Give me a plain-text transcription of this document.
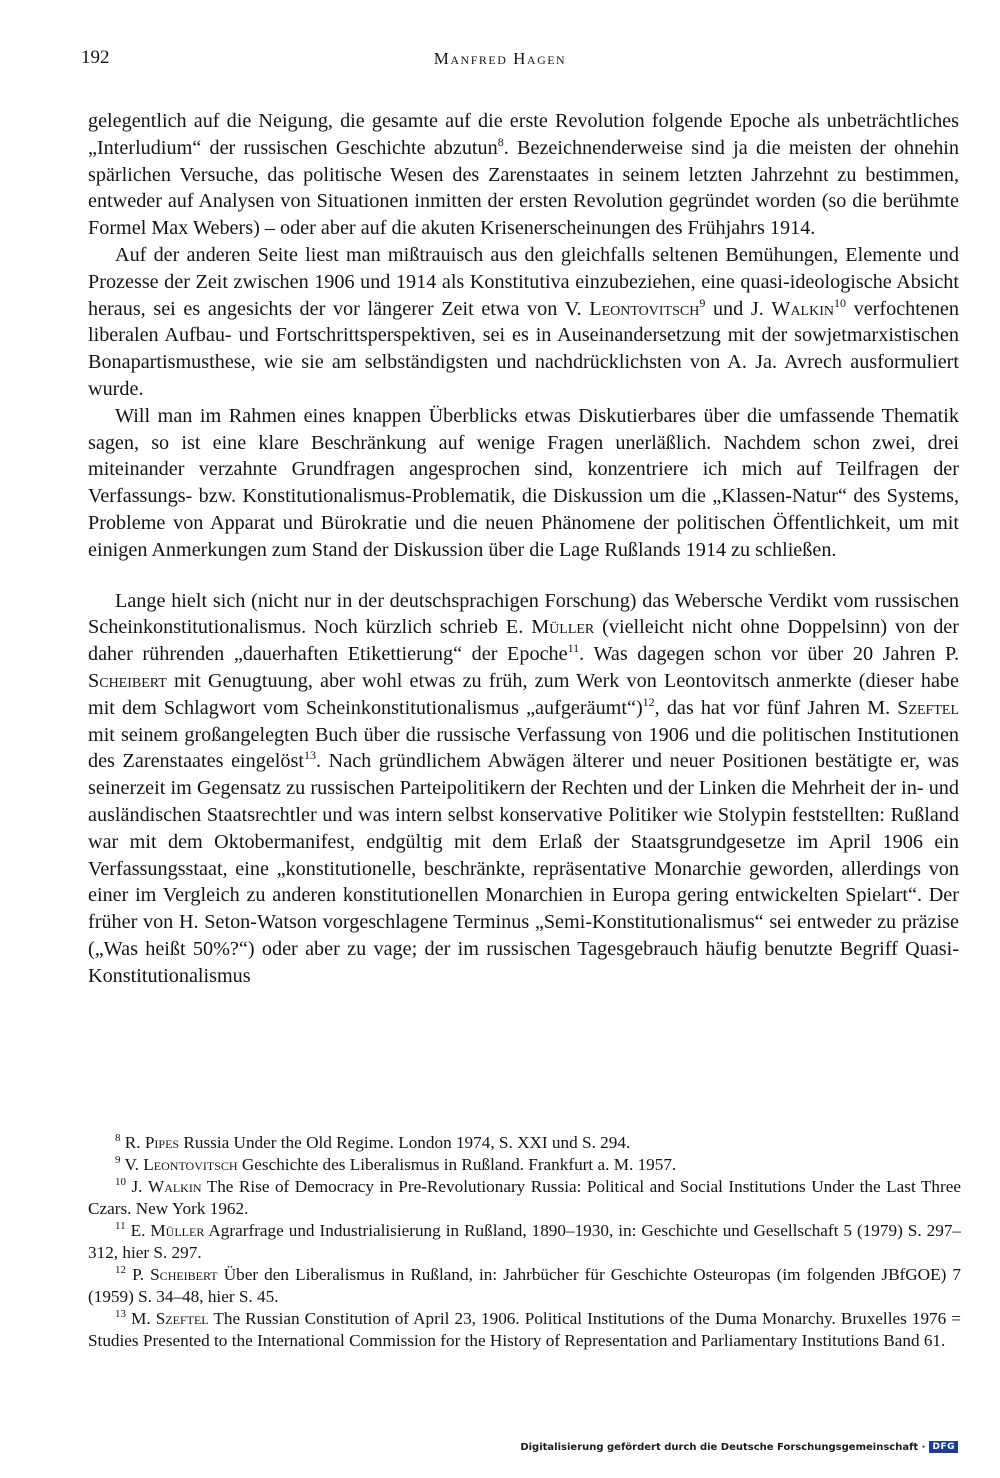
192	Manfred Hagen

gelegentlich auf die Neigung, die gesamte auf die erste Revolution folgende Epoche als unbeträchtliches „Interludium“ der russischen Geschichte abzutun$^8$. Bezeichnenderweise sind ja die meisten der ohnehin spärlichen Versuche, das politische Wesen des Zarenstaates in seinem letzten Jahrzehnt zu bestimmen, entweder auf Analysen von Situationen inmitten der ersten Revolution gegründet worden (so die berühmte Formel Max Webers) – oder aber auf die akuten Krisenerscheinungen des Frühjahrs 1914.

Auf der anderen Seite liest man mißtrauisch aus den gleichfalls seltenen Bemühungen, Elemente und Prozesse der Zeit zwischen 1906 und 1914 als Konstitutiva einzubeziehen, eine quasi-ideologische Absicht heraus, sei es angesichts der vor längerer Zeit etwa von V. Leontovitsch$^9$ und J. Walkin$^{10}$ verfochtenen liberalen Aufbau- und Fortschrittsperspektiven, sei es in Auseinandersetzung mit der sowjetmarxistischen Bonapartismusthese, wie sie am selbständigsten und nachdrücklichsten von A. Ja. Avrech ausformuliert wurde.

Will man im Rahmen eines knappen Überblicks etwas Diskutierbares über die umfassende Thematik sagen, so ist eine klare Beschränkung auf wenige Fragen unerläßlich. Nachdem schon zwei, drei miteinander verzahnte Grundfragen angesprochen sind, konzentriere ich mich auf Teilfragen der Verfassungs- bzw. Konstitutionalismus-Problematik, die Diskussion um die „Klassen-Natur“ des Systems, Probleme von Apparat und Bürokratie und die neuen Phänomene der politischen Öffentlichkeit, um mit einigen Anmerkungen zum Stand der Diskussion über die Lage Rußlands 1914 zu schließen.

Lange hielt sich (nicht nur in der deutschsprachigen Forschung) das Webersche Verdikt vom russischen Scheinkonstitutionalismus. Noch kürzlich schrieb E. Müller (vielleicht nicht ohne Doppelsinn) von der daher rührenden „dauerhaften Etikettierung“ der Epoche$^{11}$. Was dagegen schon vor über 20 Jahren P. Scheibert mit Genugtuung, aber wohl etwas zu früh, zum Werk von Leontovitsch anmerkte (dieser habe mit dem Schlagwort vom Scheinkonstitutionalismus „aufgeräumt“)$^{12}$, das hat vor fünf Jahren M. Szeftel mit seinem großangelegten Buch über die russische Verfassung von 1906 und die politischen Institutionen des Zarenstaates eingelöst$^{13}$. Nach gründlichem Abwägen älterer und neuer Positionen bestätigte er, was seinerzeit im Gegensatz zu russischen Parteipolitikern der Rechten und der Linken die Mehrheit der in- und ausländischen Staatsrechtler und was intern selbst konservative Politiker wie Stolypin feststellten: Rußland war mit dem Oktobermanifest, endgültig mit dem Erlaß der Staatsgrundgesetze im April 1906 ein Verfassungsstaat, eine „konstitutionelle, beschränkte, repräsentative Monarchie geworden, allerdings von einer im Vergleich zu anderen konstitutionellen Monarchien in Europa gering entwickelten Spielart“. Der früher von H. Seton-Watson vorgeschlagene Terminus „Semi-Konstitutionalismus“ sei entweder zu präzise („Was heißt 50%?“) oder aber zu vage; der im russischen Tagesgebrauch häufig benutzte Begriff Quasi-Konstitutionalismus

$^8$ R. Pipes Russia Under the Old Regime. London 1974, S. XXI und S. 294.

$^9$ V. Leontovitsch Geschichte des Liberalismus in Rußland. Frankfurt a. M. 1957.

$^{10}$ J. Walkin The Rise of Democracy in Pre-Revolutionary Russia: Political and Social Institutions Under the Last Three Czars. New York 1962.

$^{11}$ E. Müller Agrarfrage und Industrialisierung in Rußland, 1890–1930, in: Geschichte und Gesellschaft 5 (1979) S. 297–312, hier S. 297.

$^{12}$ P. Scheibert Über den Liberalismus in Rußland, in: Jahrbücher für Geschichte Osteuropas (im folgenden JBfGOE) 7 (1959) S. 34–48, hier S. 45.

$^{13}$ M. Szeftel The Russian Constitution of April 23, 1906. Political Institutions of the Duma Monarchy. Bruxelles 1976 = Studies Presented to the International Commission for the History of Representation and Parliamentary Institutions Band 61.

Digitalisierung gefördert durch die Deutsche Forschungsgemeinschaft · DFG
